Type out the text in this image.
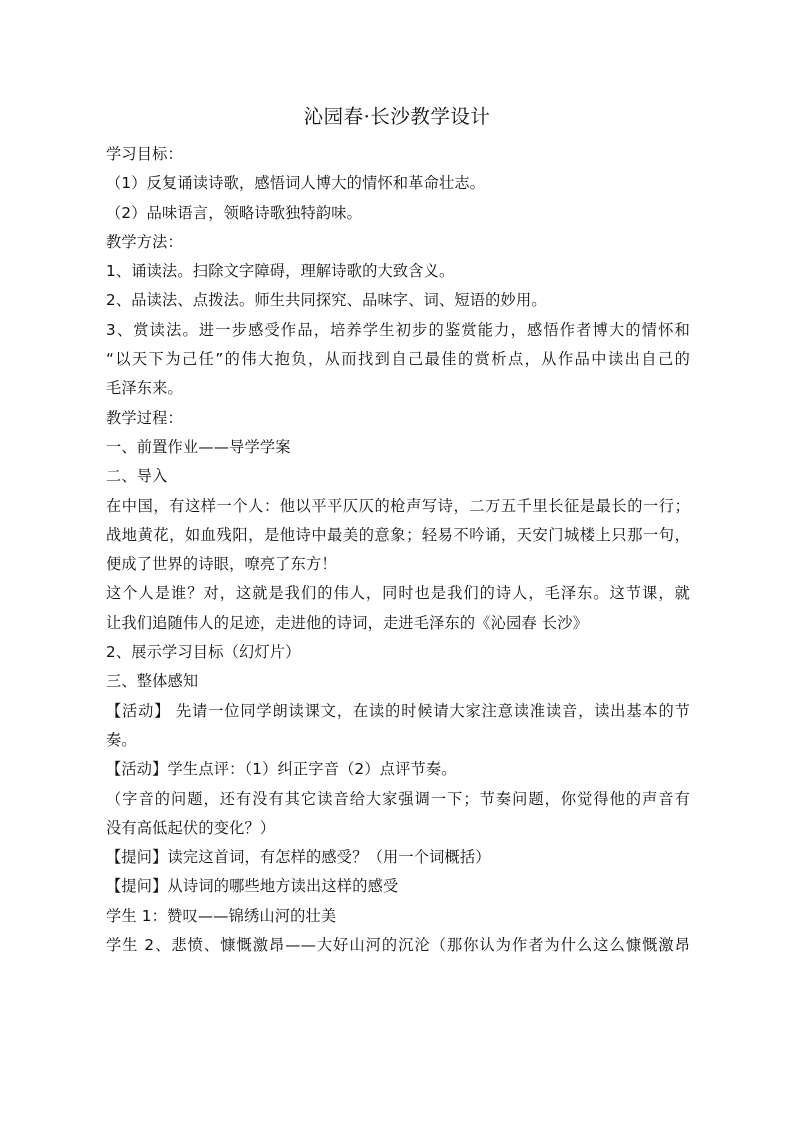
沁园春·长沙教学设计
学习目标：
（1）反复诵读诗歌，感悟词人博大的情怀和革命壮志。
（2）品味语言，领略诗歌独特韵味。
教学方法：
1、诵读法。扫除文字障碍，理解诗歌的大致含义。
2、品读法、点拨法。师生共同探究、品味字、词、短语的妙用。
3、赏读法。进一步感受作品，培养学生初步的鉴赏能力，感悟作者博大的情怀和
“以天下为己任”的伟大抱负，从而找到自己最佳的赏析点，从作品中读出自己的
毛泽东来。
教学过程：
一、前置作业——导学学案
二、导入
在中国，有这样一个人：他以平平仄仄的枪声写诗，二万五千里长征是最长的一行；
战地黄花，如血残阳，是他诗中最美的意象；轻易不吟诵，天安门城楼上只那一句，
便成了世界的诗眼，嘹亮了东方！
这个人是谁？对，这就是我们的伟人，同时也是我们的诗人，毛泽东。这节课，就
让我们追随伟人的足迹，走进他的诗词，走进毛泽东的《沁园春 长沙》
2、展示学习目标（幻灯片）
三、整体感知
【活动】 先请一位同学朗读课文，在读的时候请大家注意读准读音，读出基本的节
奏。
【活动】学生点评：（1）纠正字音（2）点评节奏。
（字音的问题，还有没有其它读音给大家强调一下；节奏问题，你觉得他的声音有
没有高低起伏的变化？）
【提问】读完这首词，有怎样的感受？（用一个词概括）
【提问】从诗词的哪些地方读出这样的感受
学生 1：赞叹——锦绣山河的壮美
学生 2、悲愤、慷慨激昂——大好山河的沉沦（那你认为作者为什么这么慷慨激昂
